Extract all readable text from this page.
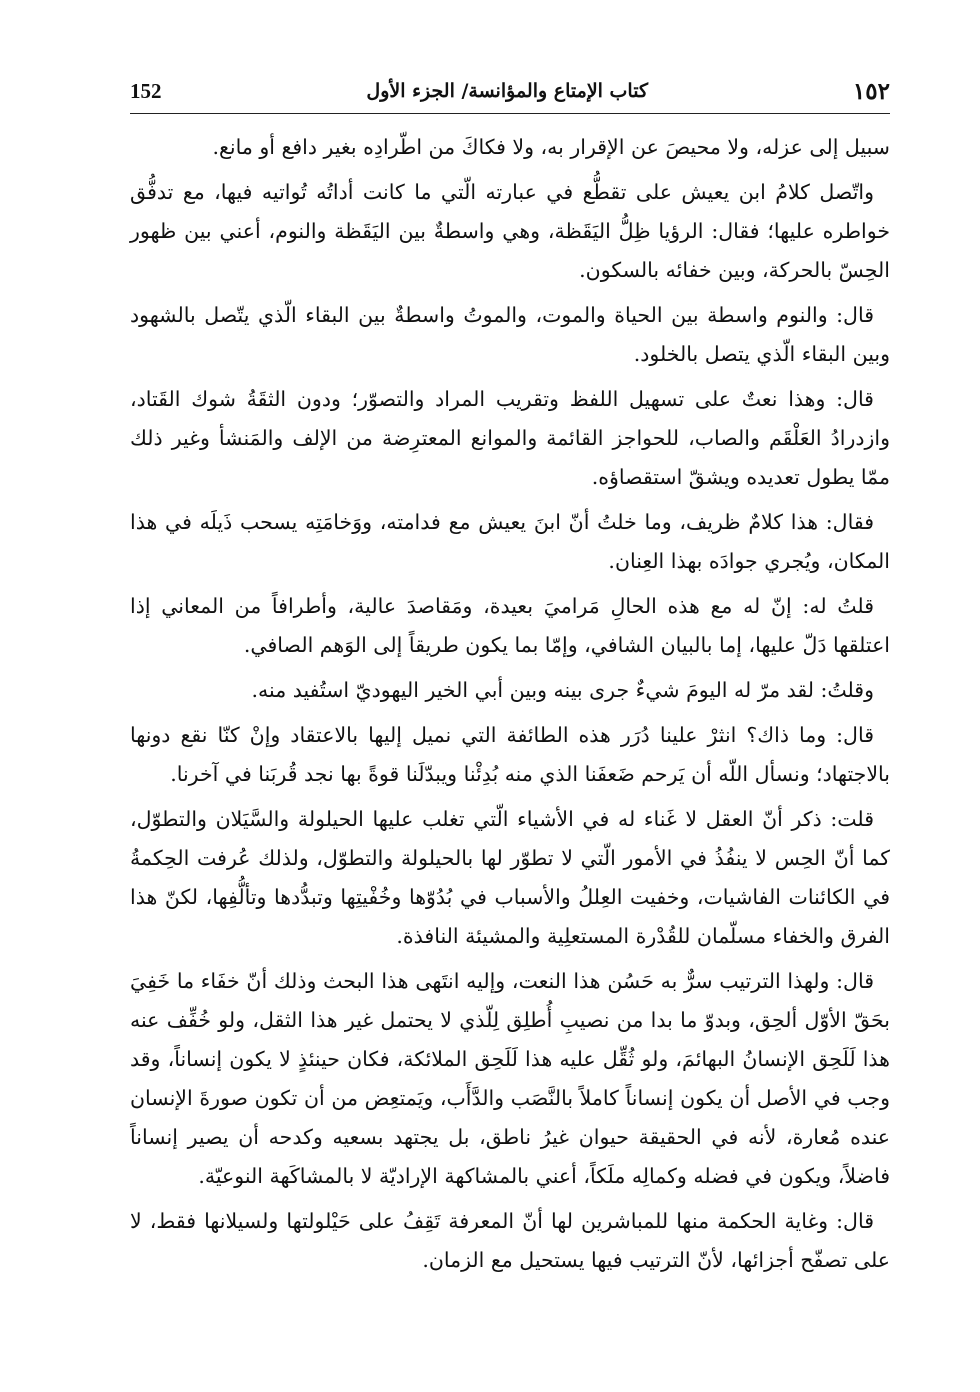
152	كتاب الإمتاع والمؤانسة/ الجزء الأول	١٥٢

سبيل إلى عزله، ولا محيصَ عن الإقرار به، ولا فكاكَ من اطّرادِه بغير دافع أو مانع.

واتّصل كلامُ ابن يعيش على تقطُّع في عبارته الّتي ما كانت أداتُه تُواتيه فيها، مع تدفُّق خواطره عليها؛ فقال: الرؤيا ظِلُّ اليَقَظة، وهي واسطةٌ بين اليَقَظة والنوم، أعني بين ظهور الحِسّ بالحركة، وبين خفائه بالسكون.

قال: والنوم واسطة بين الحياة والموت، والموتُ واسطةٌ بين البقاء الّذي يتّصل بالشهود وبين البقاء الّذي يتصل بالخلود.

قال: وهذا نعتٌ على تسهيل اللفظ وتقريب المراد والتصوّر؛ ودون الثقَةُ شوك القَتاد، وازدرادُ العَلْقَم والصاب، للحواجز القائمة والموانع المعترِضة من الإلف والمَنشأ وغير ذلك ممّا يطول تعديده ويشقّ استقصاؤه.

فقال: هذا كلامٌ ظريف، وما خلتُ أنّ ابنَ يعيش مع فدامته، ووَخامَتِه يسحب ذَيلَه في هذا المكان، ويُجري جوادَه بهذا العِنان.

قلتُ له: إنّ له مع هذه الحالِ مَراميَ بعيدة، ومَقاصدَ عالية، وأطرافاً من المعاني إذا اعتلقها دَلّ عليها، إما بالبيان الشافي، وإمّا بما يكون طريقاً إلى الوَهم الصافي.

وقلتُ: لقد مرّ له اليومَ شيءٌ جرى بينه وبين أبي الخير اليهوديّ استُفيد منه.

قال: وما ذاك؟ انثرْ علينا دُرَر هذه الطائفة التي نميل إليها بالاعتقاد وإنْ كنّا نقع دونها بالاجتهاد؛ ونسأل اللّه أن يَرحم ضَعفَنا الذي منه بُدِئْنا ويبدّلَنا قوةً بها نجد قُربَنا في آخرنا.

قلت: ذكر أنّ العقل لا غَناء له في الأشياء الّتي تغلب عليها الحيلولة والسَّيَلان والتطوّل، كما أنّ الحِس لا ينفُذُ في الأمور الّتي لا تطوّر لها بالحيلولة والتطوّل، ولذلك عُرفت الحِكمةُ في الكائنات الفاشيات، وخفيت العِللُ والأسباب في بُدُوّها وخُفْيتِها وتبدُّدها وتألُّفِها، لكنّ هذا الفرق والخفاء مسلّمان للقُدْرة المستعلِية والمشيئة النافذة.

قال: ولهذا الترتيب سرٌّ به حَسُن هذا النعت، وإليه انتَهى هذا البحث وذلك أنّ خفَاء ما خَفِيَ بحَقّ الأوّل ألحِق، وبدوّ ما بدا من نصيبِ أُطلِق لِلّذي لا يحتمل غير هذا الثقل، ولو خُفِّف عنه هذا لَلَحِق الإنسانُ البهائمَ، ولو ثُقِّل عليه هذا لَلَحِق الملائكة، فكان حينئذٍ لا يكون إنساناً، وقد وجب في الأصل أن يكون إنساناً كاملاً بالنَّصَب والدَّأَب، ويَمتعِض من أن تكون صورةَ الإنسان عنده مُعارة، لأنه في الحقيقة حيوان غيرُ ناطق، بل يجتهد بسعيه وكدحه أن يصير إنساناً فاضلاً، ويكون في فضله وكمالِه ملَكاً، أعني بالمشاكهة الإراديّة لا بالمشاكَهة النوعيّة.

قال: وغاية الحكمة منها للمباشرين لها أنّ المعرفة تَقِفُ على حَيْلولتها ولسيلانها فقط، لا على تصفّح أجزائها، لأنّ الترتيب فيها يستحيل مع الزمان.
